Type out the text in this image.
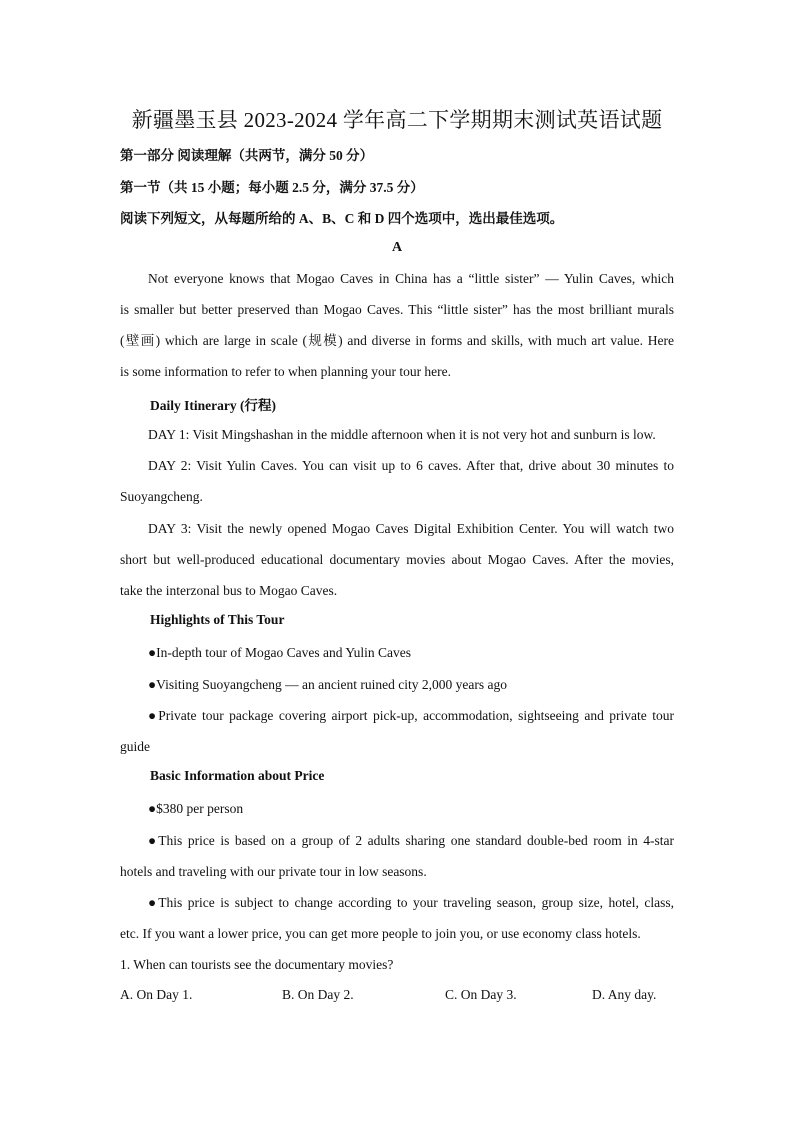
新疆墨玉县 2023-2024 学年高二下学期期末测试英语试题
第一部分 阅读理解（共两节，满分 50 分）
第一节（共 15 小题；每小题 2.5 分，满分 37.5 分）
阅读下列短文，从每题所给的 A、B、C 和 D 四个选项中，选出最佳选项。
A
Not everyone knows that Mogao Caves in China has a “little sister” — Yulin Caves, which
is smaller but better preserved than Mogao Caves. This “little sister” has the most brilliant murals
(壁画) which are large in scale (规模) and diverse in forms and skills, with much art value. Here
is some information to refer to when planning your tour here.
Daily Itinerary (行程)
DAY 1: Visit Mingshashan in the middle afternoon when it is not very hot and sunburn is low.
DAY 2: Visit Yulin Caves. You can visit up to 6 caves. After that, drive about 30 minutes to
Suoyangcheng.
DAY 3: Visit the newly opened Mogao Caves Digital Exhibition Center. You will watch two
short but well-produced educational documentary movies about Mogao Caves. After the movies,
take the interzonal bus to Mogao Caves.
Highlights of This Tour
●In-depth tour of Mogao Caves and Yulin Caves
●Visiting Suoyangcheng — an ancient ruined city 2,000 years ago
●Private tour package covering airport pick-up, accommodation, sightseeing and private tour
guide
Basic Information about Price
●$380 per person
●This price is based on a group of 2 adults sharing one standard double-bed room in 4-star
hotels and traveling with our private tour in low seasons.
●This price is subject to change according to your traveling season, group size, hotel, class,
etc. If you want a lower price, you can get more people to join you, or use economy class hotels.
1. When can tourists see the documentary movies?
A. On Day 1.	B. On Day 2.	C. On Day 3.	D. Any day.
